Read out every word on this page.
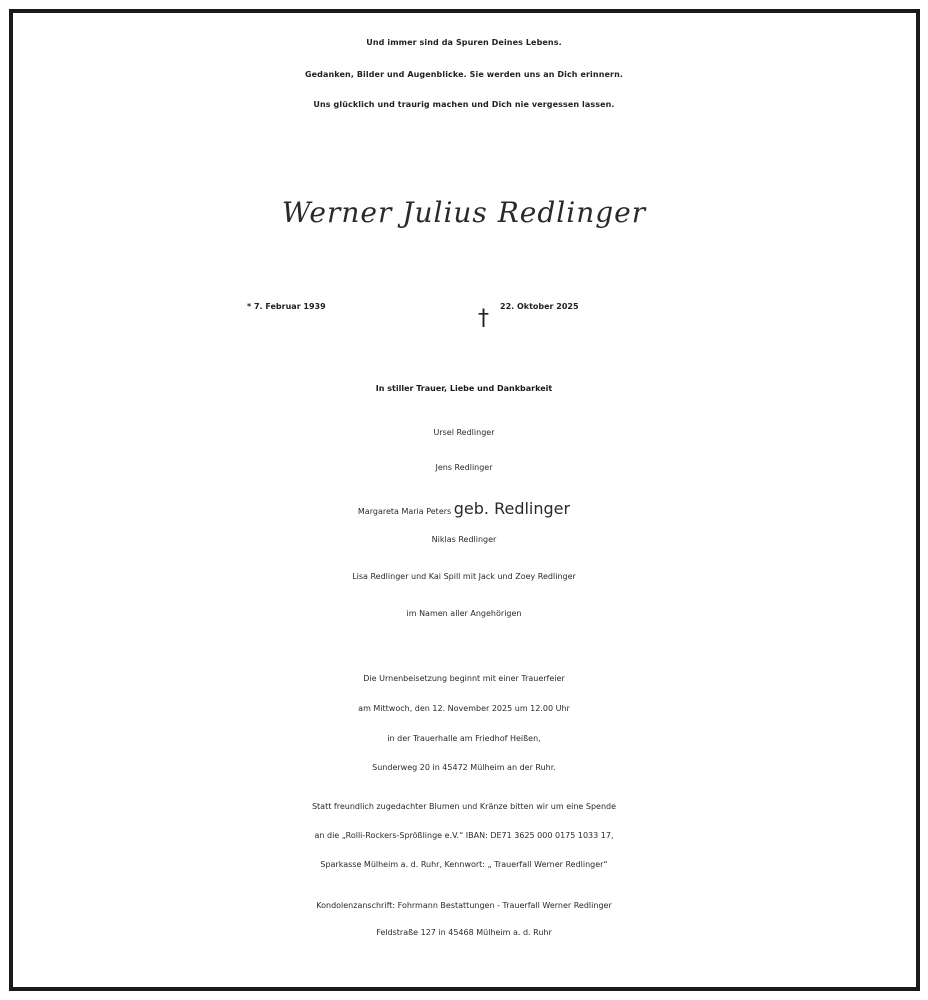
Und immer sind da Spuren Deines Lebens.
Gedanken, Bilder und Augenblicke. Sie werden uns an Dich erinnern.
Uns glücklich und traurig machen und Dich nie vergessen lassen.
Werner Julius Redlinger
* 7. Februar 1939	† 22. Oktober 2025
In stiller Trauer, Liebe und Dankbarkeit
Ursel Redlinger
Jens Redlinger
Margareta Maria Peters geb. Redlinger
Niklas Redlinger
Lisa Redlinger und Kai Spill mit Jack und Zoey Redlinger
im Namen aller Angehörigen
Die Urnenbeisetzung beginnt mit einer Trauerfeier
am Mittwoch, den 12. November 2025 um 12.00 Uhr
in der Trauerhalle am Friedhof Heißen,
Sunderweg 20 in 45472 Mülheim an der Ruhr.
Statt freundlich zugedachter Blumen und Kränze bitten wir um eine Spende
an die „Rolli-Rockers-Sprößlinge e.V.“ IBAN: DE71 3625 000 0175 1033 17,
Sparkasse Mülheim a. d. Ruhr, Kennwort: „ Trauerfall Werner Redlinger“
Kondolenzanschrift: Fohrmann Bestattungen - Trauerfall Werner Redlinger
Feldstraße 127 in 45468 Mülheim a. d. Ruhr
